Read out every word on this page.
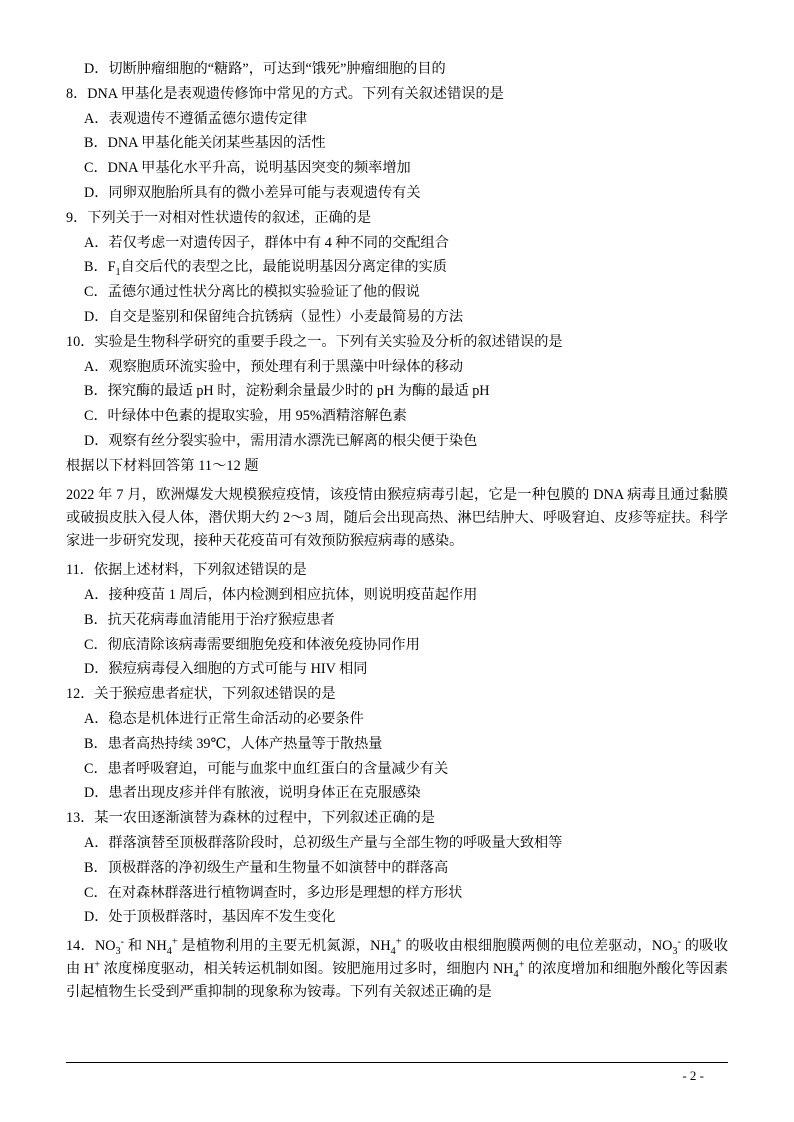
D．切断肿瘤细胞的“糖路”，可达到“饿死”肿瘤细胞的目的
8．DNA 甲基化是表观遗传修饰中常见的方式。下列有关叙述错误的是
A．表观遗传不遵循孟德尔遗传定律
B．DNA 甲基化能关闭某些基因的活性
C．DNA 甲基化水平升高，说明基因突变的频率增加
D．同卵双胞胎所具有的微小差异可能与表观遗传有关
9．下列关于一对相对性状遗传的叙述，正确的是
A．若仅考虑一对遗传因子，群体中有 4 种不同的交配组合
B．$F_1$自交后代的表型之比，最能说明基因分离定律的实质
C．孟德尔通过性状分离比的模拟实验验证了他的假说
D．自交是鉴别和保留纯合抗锈病（显性）小麦最简易的方法
10．实验是生物科学研究的重要手段之一。下列有关实验及分析的叙述错误的是
A．观察胞质环流实验中，预处理有利于黑藻中叶绿体的移动
B．探究酶的最适 pH 时，淀粉剩余量最少时的 pH 为酶的最适 pH
C．叶绿体中色素的提取实验，用 95%酒精溶解色素
D．观察有丝分裂实验中，需用清水漂洗已解离的根尖便于染色
根据以下材料回答第 11～12 题
2022 年 7 月，欧洲爆发大规模猴痘疫情，该疫情由猴痘病毒引起，它是一种包膜的 DNA 病毒且通过黏膜或破损皮肤入侵人体，潜伏期大约 2～3 周，随后会出现高热、淋巴结肿大、呼吸窘迫、皮疹等症扶。科学家进一步研究发现，接种天花疫苗可有效预防猴痘病毒的感染。
11．依据上述材料，下列叙述错误的是
A．接种疫苗 1 周后，体内检测到相应抗体，则说明疫苗起作用
B．抗天花病毒血清能用于治疗猴痘患者
C．彻底清除该病毒需要细胞免疫和体液免疫协同作用
D．猴痘病毒侵入细胞的方式可能与 HIV 相同
12．关于猴痘患者症状，下列叙述错误的是
A．稳态是机体进行正常生命活动的必要条件
B．患者高热持续 39℃，人体产热量等于散热量
C．患者呼吸窘迫，可能与血浆中血红蛋白的含量减少有关
D．患者出现皮疹并伴有脓液，说明身体正在克服感染
13．某一农田逐渐演替为森林的过程中，下列叙述正确的是
A．群落演替至顶极群落阶段时，总初级生产量与全部生物的呼吸量大致相等
B．顶极群落的净初级生产量和生物量不如演替中的群落高
C．在对森林群落进行植物调查时，多边形是理想的样方形状
D．处于顶极群落时，基因库不发生变化
14．$NO_3^-$ 和 $NH_4^+$ 是植物利用的主要无机氮源，$NH_4^+$ 的吸收由根细胞膜两侧的电位差驱动，$NO_3^-$ 的吸收由 H+ 浓度梯度驱动，相关转运机制如图。铵肥施用过多时，细胞内 $NH_4^+$ 的浓度增加和细胞外酸化等因素引起植物生长受到严重抑制的现象称为铵毒。下列有关叙述正确的是
- 2 -
